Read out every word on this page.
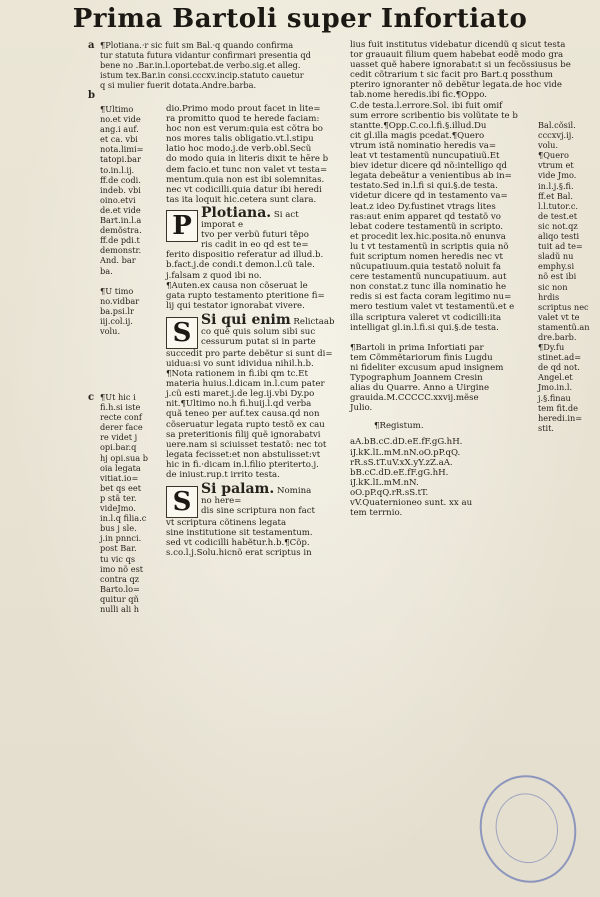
Prima Bartoli super Infortiato
a
b
c
¶Plotiana.·r sic fuit sm Bal.·q quando confirma
tur statuta futura vidantur confirmari presentia qd
bene no .Bar.in.l.oportebat.de verbo.sig.et alleg.
istum tex.Bar.in consi.cccxv.incip.statuto cauetur
q si mulier fuerit dotata.Andre.barba.
¶Ultimo
no.et vide
ang.i auf.
et ca. vbi
nota.limi=
tatopi.bar
to.in.l.ij.
ff.de codi.
indeb. vbi
oino.etvi
de.et vide
Bart.in.l.a
demõstra.
ff.de pdi.t
demonstr.
And. bar
ba.
¶U timo
no.vidbar
ba.psi.lr
iij.col.ij.
volu.
¶Ut hic i
fi.h.si iste
recte conf
derer face
re videt j
opi.bar.q
hj opi.sua b
oia legata
vitiat.io=
bet qs eet
p stã ter.
videJmo.
in.l.q filia.c
bus j sle.
j.in pnnci.
post Bar.
tu vic qs
imo nõ est
contra qz
Barto.lo=
quitur qñ
nulli ali h
dio.Primo modo prout facet in lite=
ra promitto quod te herede faciam:
hoc non est verum:quia est cõtra bo
nos mores talis obligatio.vt.l.stipu
latio hoc modo.j.de verb.obl.Secũ
do modo quia in literis dixit te hēre b
dem facio.et tunc non valet vt testa=
mentum.quia non est ibi solemnitas.
nec vt codicilli.quia datur ibi heredi
tas ita loquit hic.cetera sunt clara.
P Plotiana. Si act
imporat e
tvo per verbũ futuri tẽpo
ris cadit in eo qd est te=
ferito dispositio referatur ad illud.b.
b.fact.j.de condi.t demon.l.cũ tale.
j.falsam z quod ibi no.
¶Auten.ex causa non cõseruat le
gata rupto testamento pteritione fi=
lij qui testator ignorabat vivere.
S Si qui enim Relictaab
co quẽ quis solum sibi suc
cessurum putat si in parte
succedit pro parte debẽtur si sunt di=
uidua:si vo sunt idividua nihil.h.b.
¶Nota rationem in fi.ibi qm tc.Et
materia huius.l.dicam in.l.cum pater
j.cũ esti maret.j.de leg.ij.vbi Dy.po
nit.¶Ultimo no.h fi.huij.l.qd verba
quã teneo per auf.tex causa.qd non
cõseruatur legata rupto testõ ex cau
sa preteritionis filij quẽ ignorabatvi
uere.nam si sciuisset testatõ: nec tot
legata fecisset:et non abstulisset:vt
hic in fi.·dicam in.l.filio pteriterto.j.
de iniust.rup.t irrito testa.
S Si palam. Nomina
no here=
dis sine scriptura non fact
vt scriptura cõtinens legata
sine institutione sit testamentum.
sed vt codicilli habẽtur.h.b.¶Cõp.
s.co.l.j.Solu.hicnõ erat scriptus in
lius fuit institutus videbatur dicendũ q sicut testa
tor grauauit filium quem habebat eodẽ modo gra
uasset quẽ habere ignorabat:t si un fecõssiusus be
cedit cõtrarium t sic facit pro Bart.q possthum
pteriro ignoranter nõ debẽtur legata.de hoc vide
tab.nome heredis.ibi fic.¶Oppo.
C.de testa.l.errore.Sol. ibi fuit omif
sum errore scribentio bis volũtate te b
stantte.¶Opp.C.co.l.fi.§.illud.Du
cit gl.illa magis pcedat.¶Quero
vtrum istã nominatio heredis va=
leat vt testamentũ nuncupatiuũ.Et
biev idetur dicere qd nõ:intelligo qd
legata debeãtur a venientibus ab in=
testato.Sed in.l.fi si qui.§.de testa.
videtur dicere qd in testamento va=
leat.z ideo Dy.fustinet vtrags lites
ras:aut enim apparet qd testatõ vo
lebat codere testamentũ in scripto.
et procedit lex.hic.posita.nõ enunva
lu t vt testamentũ in scriptis quia nõ
fuit scriptum nomen heredis nec vt
nũcupatiuum.quia testatõ noluit fa
cere testamentũ nuncupatiuum. aut
non constat.z tunc illa nominatio he
redis si est facta coram legitimo nu=
mero testium valet vt testamentũ.et e
illa scriptura valeret vt codicilli:ita
intelligat gl.in.l.fi.si qui.§.de testa.
¶Bartoli in prima Infortiati par
tem Cõmmẽtariorum finis Lugdu
ni fideliter excusum apud insignem
Typographum Joannem Cresin
alias du Quarre. Anno a Uirgine
grauida.M.CCCCC.xxvij.mẽse
Julio.
¶Registum.
aA.bB.cC.dD.eE.fF.gG.hH.
iJ.kK.lL.mM.nN.oO.pP.qQ.
rR.sS.tT.uV.xX.yY.zZ.aA.
bB.cC.dD.eE.fF.gG.hH.
iJ.kK.lL.mM.nN.
oO.pP.qQ.rR.sS.tT.
vV.Quaternioneo sunt. xx au
tem terrnio.
Bal.cõsil.
cccxvj.ij.
volu.
¶Quero
vtrum et
vide Jmo.
in.l.j.§.fi.
ff.et Bal.
l.l.tutor.c.
de test.et
sic not.qz
aliqo testi
tuit ad te=
sladũ nu
emphy.si
nõ est ibi
sic non
hrdis
scriptus nec
valet vt te
stamentũ.an
dre.barb.
¶Dy.fu
stinet.ad=
de qd not.
Angel.et
Jmo.in.l.
j.§.finau
tem fit.de
heredi.in=
stit.
